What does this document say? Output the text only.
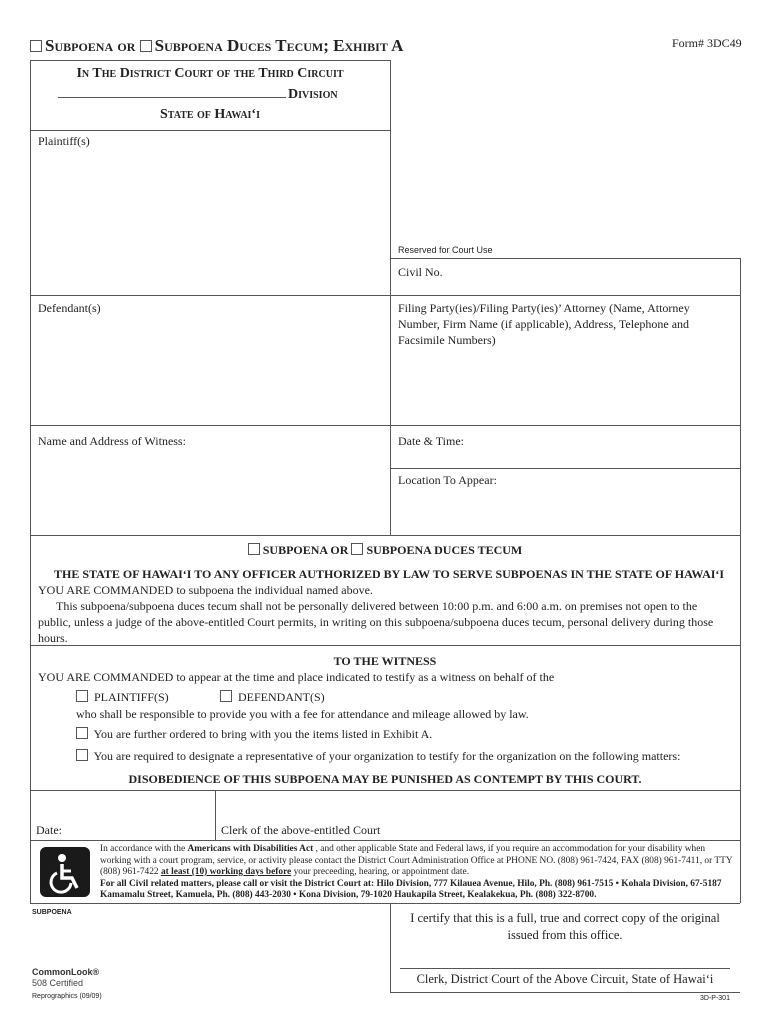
Subpoena or Subpoena Duces Tecum; Exhibit A	Form# 3DC49
In The District Court of the Third Circuit
Division
State of Hawai‘i
Plaintiff(s)
Reserved for Court Use
Civil No.
Defendant(s)	Filing Party(ies)/Filing Party(ies)’ Attorney (Name, Attorney Number, Firm Name (if applicable), Address, Telephone and Facsimile Numbers)
Name and Address of Witness:	Date & Time:
Location To Appear:
SUBPOENA OR SUBPOENA DUCES TECUM
THE STATE OF HAWAI‘I TO ANY OFFICER AUTHORIZED BY LAW TO SERVE SUBPOENAS IN THE STATE OF HAWAI‘I YOU ARE COMMANDED to subpoena the individual named above.
This subpoena/subpoena duces tecum shall not be personally delivered between 10:00 p.m. and 6:00 a.m. on premises not open to the public, unless a judge of the above-entitled Court permits, in writing on this subpoena/subpoena duces tecum, personal delivery during those hours.
TO THE WITNESS
YOU ARE COMMANDED to appear at the time and place indicated to testify as a witness on behalf of the
PLAINTIFF(S)	DEFENDANT(S)
who shall be responsible to provide you with a fee for attendance and mileage allowed by law.
You are further ordered to bring with you the items listed in Exhibit A.
You are required to designate a representative of your organization to testify for the organization on the following matters:
DISOBEDIENCE OF THIS SUBPOENA MAY BE PUNISHED AS CONTEMPT BY THIS COURT.
Date:	Clerk of the above-entitled Court
In accordance with the Americans with Disabilities Act , and other applicable State and Federal laws, if you require an accommodation for your disability when working with a court program, service, or activity please contact the District Court Administration Office at PHONE NO. (808) 961-7424, FAX (808) 961-7411, or TTY (808) 961-7422 at least (10) working days before your preceeding, hearing, or appointment date.
For all Civil related matters, please call or visit the District Court at: Hilo Division, 777 Kilauea Avenue, Hilo, Ph. (808) 961-7515 • Kohala Division, 67-5187 Kamamalu Street, Kamuela, Ph. (808) 443-2030 • Kona Division, 79-1020 Haukapila Street, Kealakekua, Ph. (808) 322-8700.
SUBPOENA	I certify that this is a full, true and correct copy of the original issued from this office.
Clerk, District Court of the Above Circuit, State of Hawai‘i
CommonLook®
508 Certified
Reprographics (09/09)	3D-P-301
